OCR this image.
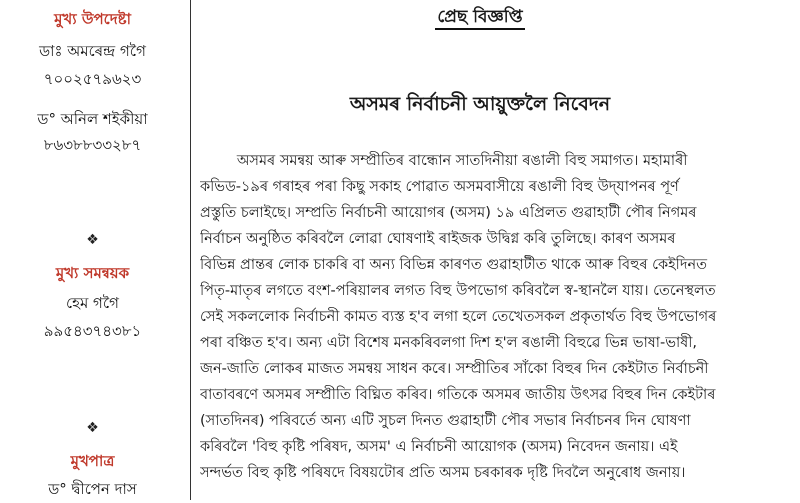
মুখ্য উপদেষ্টা
ডাঃ অমৰেন্দ্ৰ গগৈ
৭০০২৫৭৯৬২৩
ড° অনিল শইকীয়া
৮৬৩৮৮৩৩২৮৭
❖
মুখ্য সমন্বয়ক
হেম গগৈ
৯৯৫৪৩৭৪৩৮১
❖
মুখপাত্ৰ
ড° দ্বীপেন দাস
প্ৰেছ বিজ্ঞপ্তি
অসমৰ নিৰ্বাচনী আয়ুক্তলৈ নিবেদন
অসমৰ সমন্বয় আৰু সম্প্ৰীতিৰ বান্ধোন সাতদিনীয়া ৰঙালী বিহু সমাগত। মহামাৰী
কভিড-১৯ৰ গৰাহৰ পৰা কিছু সকাহ পোৱাত অসমবাসীয়ে ৰঙালী বিহু উদ্‌যাপনৰ পূৰ্ণ
প্ৰস্তুতি চলাইছে। সম্প্ৰতি নিৰ্বাচনী আয়োগৰ (অসম) ১৯ এপ্ৰিলত গুৱাহাটী পৌৰ নিগমৰ
নিৰ্বাচন অনুষ্ঠিত কৰিবলৈ লোৱা ঘোষণাই ৰাইজক উদ্বিগ্ন কৰি তুলিছে। কাৰণ অসমৰ
বিভিন্ন প্ৰান্তৰ লোক চাকৰি বা অন্য বিভিন্ন কাৰণত গুৱাহাটীত থাকে আৰু বিহুৰ কেইদিনত
পিতৃ-মাতৃৰ লগতে বংশ-পৰিয়ালৰ লগত বিহু উপভোগ কৰিবলৈ স্ব-স্থানলৈ যায়। তেনেস্থলত
সেই সকললোক নিৰ্বাচনী কামত ব্যস্ত হ'ব লগা হলে তেখেতসকল প্ৰকৃতাৰ্থত বিহু উপভোগৰ
পৰা বঞ্চিত হ'ব। অন্য এটা বিশেষ মনকৰিবলগা দিশ হ'ল ৰঙালী বিহুৱে ভিন্ন ভাষা-ভাষী,
জন-জাতি লোকৰ মাজত সমন্বয় সাধন কৰে। সম্প্ৰীতিৰ সাঁকো বিহুৰ দিন কেইটাত নিৰ্বাচনী
বাতাবৰণে অসমৰ সম্প্ৰীতি বিঘ্নিত কৰিব। গতিকে অসমৰ জাতীয় উৎসৱ বিহুৰ দিন কেইটাৰ
(সাতদিনৰ) পৰিবৰ্তে অন্য এটি সুচল দিনত গুৱাহাটী পৌৰ সভাৰ নিৰ্বাচনৰ দিন ঘোষণা
কৰিবলৈ 'বিহু কৃষ্টি পৰিষদ, অসম' এ নিৰ্বাচনী আয়োগক (অসম) নিবেদন জনায়। এই
সন্দৰ্ভত বিহু কৃষ্টি পৰিষদে বিষয়টোৰ প্ৰতি অসম চৰকাৰক দৃষ্টি দিবলৈ অনুৰোধ জনায়।
